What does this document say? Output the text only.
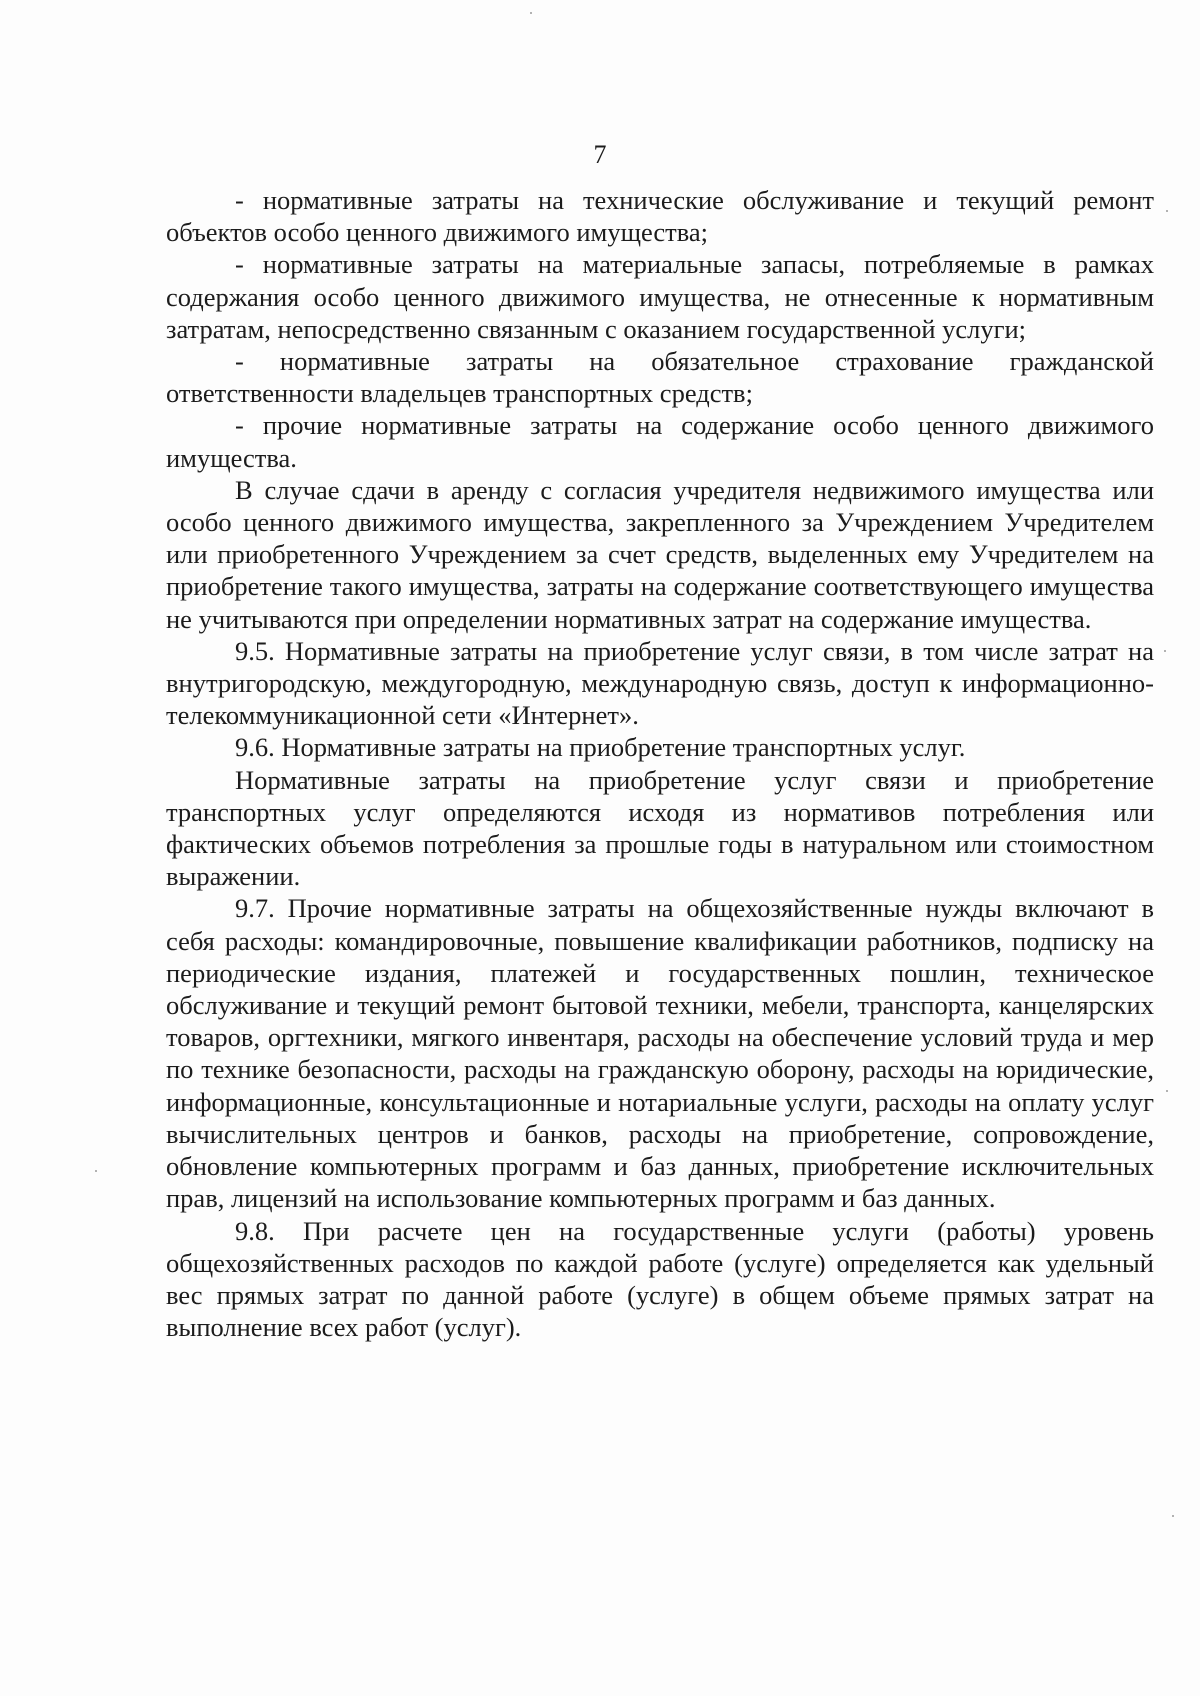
7

- нормативные затраты на технические обслуживание и текущий ремонт объектов особо ценного движимого имущества;

- нормативные затраты на материальные запасы, потребляемые в рамках содержания особо ценного движимого имущества, не отнесенные к нормативным затратам, непосредственно связанным с оказанием государственной услуги;

- нормативные затраты на обязательное страхование гражданской ответственности владельцев транспортных средств;

- прочие нормативные затраты на содержание особо ценного движимого имущества.

В случае сдачи в аренду с согласия учредителя недвижимого имущества или особо ценного движимого имущества, закрепленного за Учреждением Учредителем или приобретенного Учреждением за счет средств, выделенных ему Учредителем на приобретение такого имущества, затраты на содержание соответствующего имущества не учитываются при определении нормативных затрат на содержание имущества.

9.5. Нормативные затраты на приобретение услуг связи, в том числе затрат на внутригородскую, междугородную, международную связь, доступ к информационно-телекоммуникационной сети «Интернет».

9.6. Нормативные затраты на приобретение транспортных услуг.

Нормативные затраты на приобретение услуг связи и приобретение транспортных услуг определяются исходя из нормативов потребления или фактических объемов потребления за прошлые годы в натуральном или стоимостном выражении.

9.7. Прочие нормативные затраты на общехозяйственные нужды включают в себя расходы: командировочные, повышение квалификации работников, подписку на периодические издания, платежей и государственных пошлин, техническое обслуживание и текущий ремонт бытовой техники, мебели, транспорта, канцелярских товаров, оргтехники, мягкого инвентаря, расходы на обеспечение условий труда и мер по технике безопасности, расходы на гражданскую оборону, расходы на юридические, информационные, консультационные и нотариальные услуги, расходы на оплату услуг вычислительных центров и банков, расходы на приобретение, сопровождение, обновление компьютерных программ и баз данных, приобретение исключительных прав, лицензий на использование компьютерных программ и баз данных.

9.8. При расчете цен на государственные услуги (работы) уровень общехозяйственных расходов по каждой работе (услуге) определяется как удельный вес прямых затрат по данной работе (услуге) в общем объеме прямых затрат на выполнение всех работ (услуг).
